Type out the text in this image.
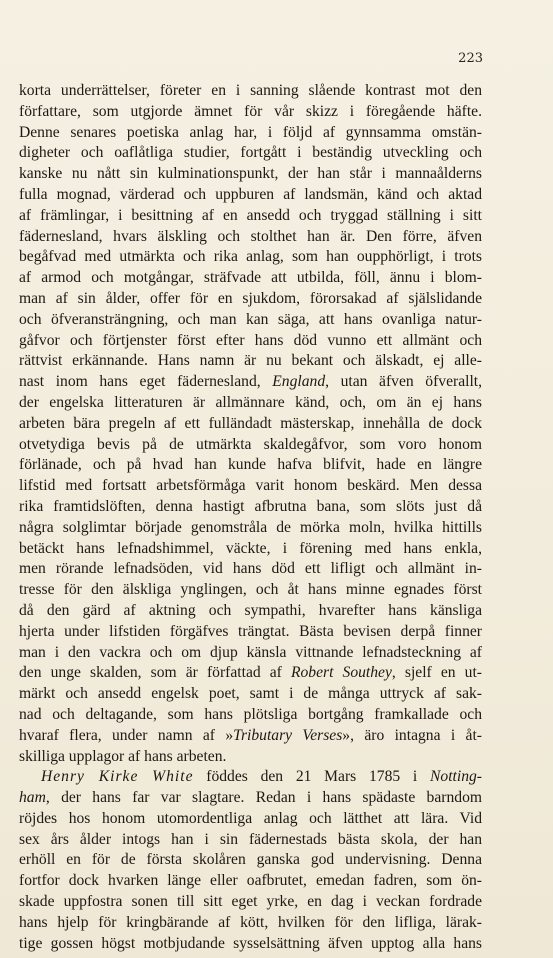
223
korta underrättelser, företer en i sanning slående kontrast mot den
författare, som utgjorde ämnet för vår skizz i föregående häfte.
Denne senares poetiska anlag har, i följd af gynnsamma omstän-
digheter och oaflåtliga studier, fortgått i beständig utveckling och
kanske nu nått sin kulminationspunkt, der han står i mannaålderns
fulla mognad, värderad och uppburen af landsmän, känd och aktad
af främlingar, i besittning af en ansedd och tryggad ställning i sitt
fädernesland, hvars älskling och stolthet han är. Den förre, äfven
begåfvad med utmärkta och rika anlag, som han oupphörligt, i trots
af armod och motgångar, sträfvade att utbilda, föll, ännu i blom-
man af sin ålder, offer för en sjukdom, förorsakad af själslidande
och öfveransträngning, och man kan säga, att hans ovanliga natur-
gåfvor och förtjenster först efter hans död vunno ett allmänt och
rättvist erkännande. Hans namn är nu bekant och älskadt, ej alle-
nast inom hans eget fädernesland, England, utan äfven öfverallt,
der engelska litteraturen är allmännare känd, och, om än ej hans
arbeten bära pregeln af ett fulländadt mästerskap, innehålla de dock
otvetydiga bevis på de utmärkta skaldegåfvor, som voro honom
förlänade, och på hvad han kunde hafva blifvit, hade en längre
lifstid med fortsatt arbetsförmåga varit honom beskärd. Men dessa
rika framtidslöften, denna hastigt afbrutna bana, som slöts just då
några solglimtar började genomstråla de mörka moln, hvilka hittills
betäckt hans lefnadshimmel, väckte, i förening med hans enkla,
men rörande lefnadsöden, vid hans död ett lifligt och allmänt in-
tresse för den älskliga ynglingen, och åt hans minne egnades först
då den gärd af aktning och sympathi, hvarefter hans känsliga
hjerta under lifstiden förgäfves trängtat. Bästa bevisen derpå finner
man i den vackra och om djup känsla vittnande lefnadsteckning af
den unge skalden, som är författad af Robert Southey, sjelf en ut-
märkt och ansedd engelsk poet, samt i de många uttryck af sak-
nad och deltagande, som hans plötsliga bortgång framkallade och
hvaraf flera, under namn af »Tributary Verses», äro intagna i åt-
skilliga upplagor af hans arbeten.
Henry Kirke White föddes den 21 Mars 1785 i Notting-
ham, der hans far var slagtare. Redan i hans spädaste barndom
röjdes hos honom utomordentliga anlag och lätthet att lära. Vid
sex års ålder intogs han i sin fädernestads bästa skola, der han
erhöll en för de första skolåren ganska god undervisning. Denna
fortfor dock hvarken länge eller oafbrutet, emedan fadren, som ön-
skade uppfostra sonen till sitt eget yrke, en dag i veckan fordrade
hans hjelp för kringbärande af kött, hvilken för den lifliga, lärak-
tige gossen högst motbjudande sysselsättning äfven upptog alla hans
